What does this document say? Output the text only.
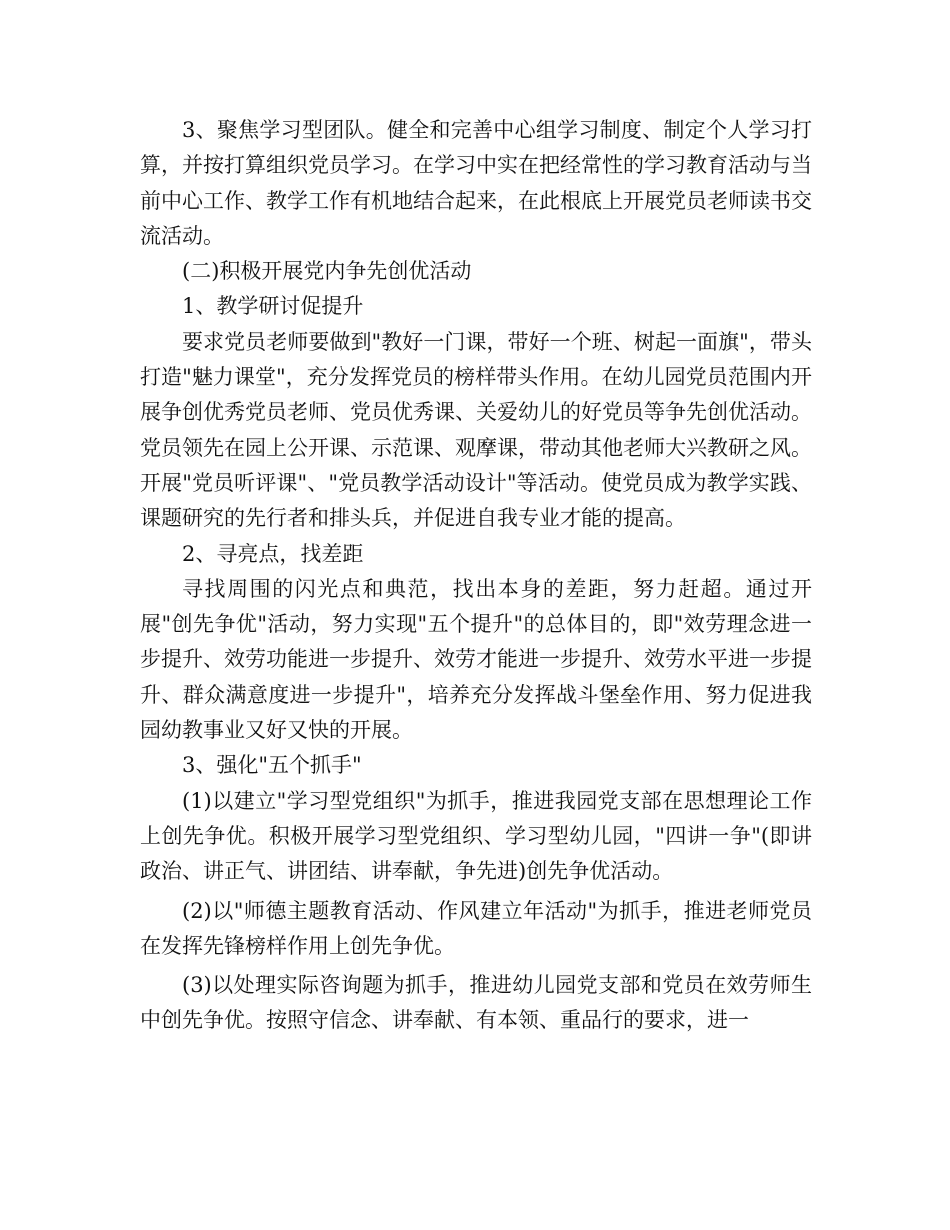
3、聚焦学习型团队。健全和完善中心组学习制度、制定个人学习打算，并按打算组织党员学习。在学习中实在把经常性的学习教育活动与当前中心工作、教学工作有机地结合起来，在此根底上开展党员老师读书交流活动。

(二)积极开展党内争先创优活动

1、教学研讨促提升

要求党员老师要做到"教好一门课，带好一个班、树起一面旗"，带头打造"魅力课堂"，充分发挥党员的榜样带头作用。在幼儿园党员范围内开展争创优秀党员老师、党员优秀课、关爱幼儿的好党员等争先创优活动。党员领先在园上公开课、示范课、观摩课，带动其他老师大兴教研之风。开展"党员听评课"、"党员教学活动设计"等活动。使党员成为教学实践、课题研究的先行者和排头兵，并促进自我专业才能的提高。

2、寻亮点，找差距

寻找周围的闪光点和典范，找出本身的差距，努力赶超。通过开展"创先争优"活动，努力实现"五个提升"的总体目的，即"效劳理念进一步提升、效劳功能进一步提升、效劳才能进一步提升、效劳水平进一步提升、群众满意度进一步提升"，培养充分发挥战斗堡垒作用、努力促进我园幼教事业又好又快的开展。

3、强化"五个抓手"

(1)以建立"学习型党组织"为抓手，推进我园党支部在思想理论工作上创先争优。积极开展学习型党组织、学习型幼儿园，"四讲一争"(即讲政治、讲正气、讲团结、讲奉献，争先进)创先争优活动。

(2)以"师德主题教育活动、作风建立年活动"为抓手，推进老师党员在发挥先锋榜样作用上创先争优。

(3)以处理实际咨询题为抓手，推进幼儿园党支部和党员在效劳师生中创先争优。按照守信念、讲奉献、有本领、重品行的要求，进一
